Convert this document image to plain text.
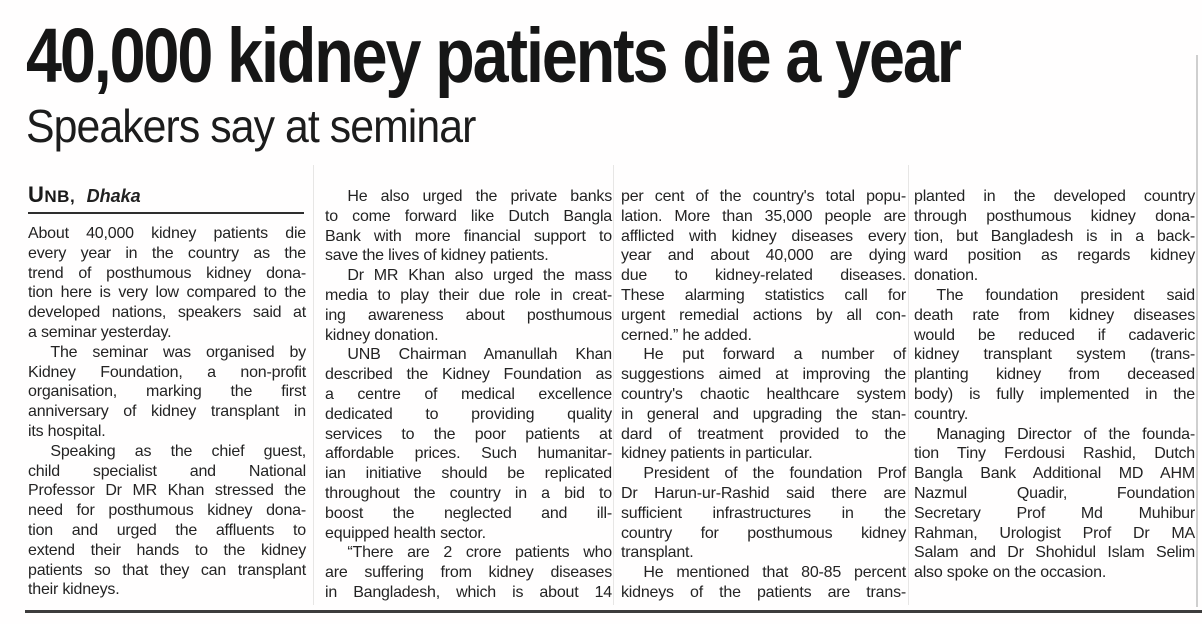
40,000 kidney patients die a year
Speakers say at seminar
UNB, Dhaka
About 40,000 kidney patients die
every year in the country as the
trend of posthumous kidney dona-
tion here is very low compared to the
developed nations, speakers said at
a seminar yesterday.
The seminar was organised by
Kidney Foundation, a non-profit
organisation, marking the first
anniversary of kidney transplant in
its hospital.
Speaking as the chief guest,
child specialist and National
Professor Dr MR Khan stressed the
need for posthumous kidney dona-
tion and urged the affluents to
extend their hands to the kidney
patients so that they can transplant
their kidneys.
He also urged the private banks
to come forward like Dutch Bangla
Bank with more financial support to
save the lives of kidney patients.
Dr MR Khan also urged the mass
media to play their due role in creat-
ing awareness about posthumous
kidney donation.
UNB Chairman Amanullah Khan
described the Kidney Foundation as
a centre of medical excellence
dedicated to providing quality
services to the poor patients at
affordable prices. Such humanitar-
ian initiative should be replicated
throughout the country in a bid to
boost the neglected and ill-
equipped health sector.
“There are 2 crore patients who
are suffering from kidney diseases
in Bangladesh, which is about 14
per cent of the country's total popu-
lation. More than 35,000 people are
afflicted with kidney diseases every
year and about 40,000 are dying
due to kidney-related diseases.
These alarming statistics call for
urgent remedial actions by all con-
cerned.” he added.
He put forward a number of
suggestions aimed at improving the
country's chaotic healthcare system
in general and upgrading the stan-
dard of treatment provided to the
kidney patients in particular.
President of the foundation Prof
Dr Harun-ur-Rashid said there are
sufficient infrastructures in the
country for posthumous kidney
transplant.
He mentioned that 80-85 percent
kidneys of the patients are trans-
planted in the developed country
through posthumous kidney dona-
tion, but Bangladesh is in a back-
ward position as regards kidney
donation.
The foundation president said
death rate from kidney diseases
would be reduced if cadaveric
kidney transplant system (trans-
planting kidney from deceased
body) is fully implemented in the
country.
Managing Director of the founda-
tion Tiny Ferdousi Rashid, Dutch
Bangla Bank Additional MD AHM
Nazmul Quadir, Foundation
Secretary Prof Md Muhibur
Rahman, Urologist Prof Dr MA
Salam and Dr Shohidul Islam Selim
also spoke on the occasion.
